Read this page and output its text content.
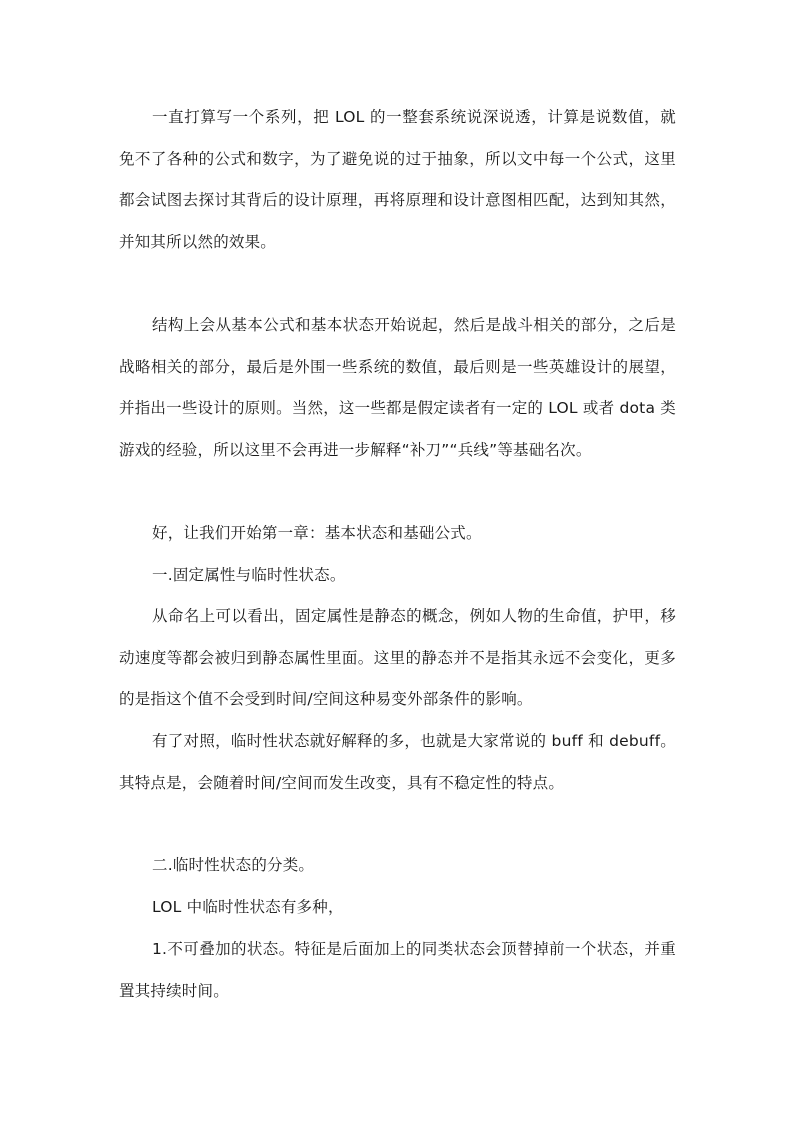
一直打算写一个系列，把 LOL 的一整套系统说深说透，计算是说数值，就免不了各种的公式和数字，为了避免说的过于抽象，所以文中每一个公式，这里都会试图去探讨其背后的设计原理，再将原理和设计意图相匹配，达到知其然，并知其所以然的效果。

结构上会从基本公式和基本状态开始说起，然后是战斗相关的部分，之后是战略相关的部分，最后是外围一些系统的数值，最后则是一些英雄设计的展望，并指出一些设计的原则。当然，这一些都是假定读者有一定的 LOL 或者 dota 类游戏的经验，所以这里不会再进一步解释“补刀”“兵线”等基础名次。

好，让我们开始第一章：基本状态和基础公式。

一.固定属性与临时性状态。

从命名上可以看出，固定属性是静态的概念，例如人物的生命值，护甲，移动速度等都会被归到静态属性里面。这里的静态并不是指其永远不会变化，更多的是指这个值不会受到时间/空间这种易变外部条件的影响。

有了对照，临时性状态就好解释的多，也就是大家常说的 buff 和 debuff。其特点是，会随着时间/空间而发生改变，具有不稳定性的特点。

二.临时性状态的分类。

LOL 中临时性状态有多种，

1.不可叠加的状态。特征是后面加上的同类状态会顶替掉前一个状态，并重置其持续时间。
